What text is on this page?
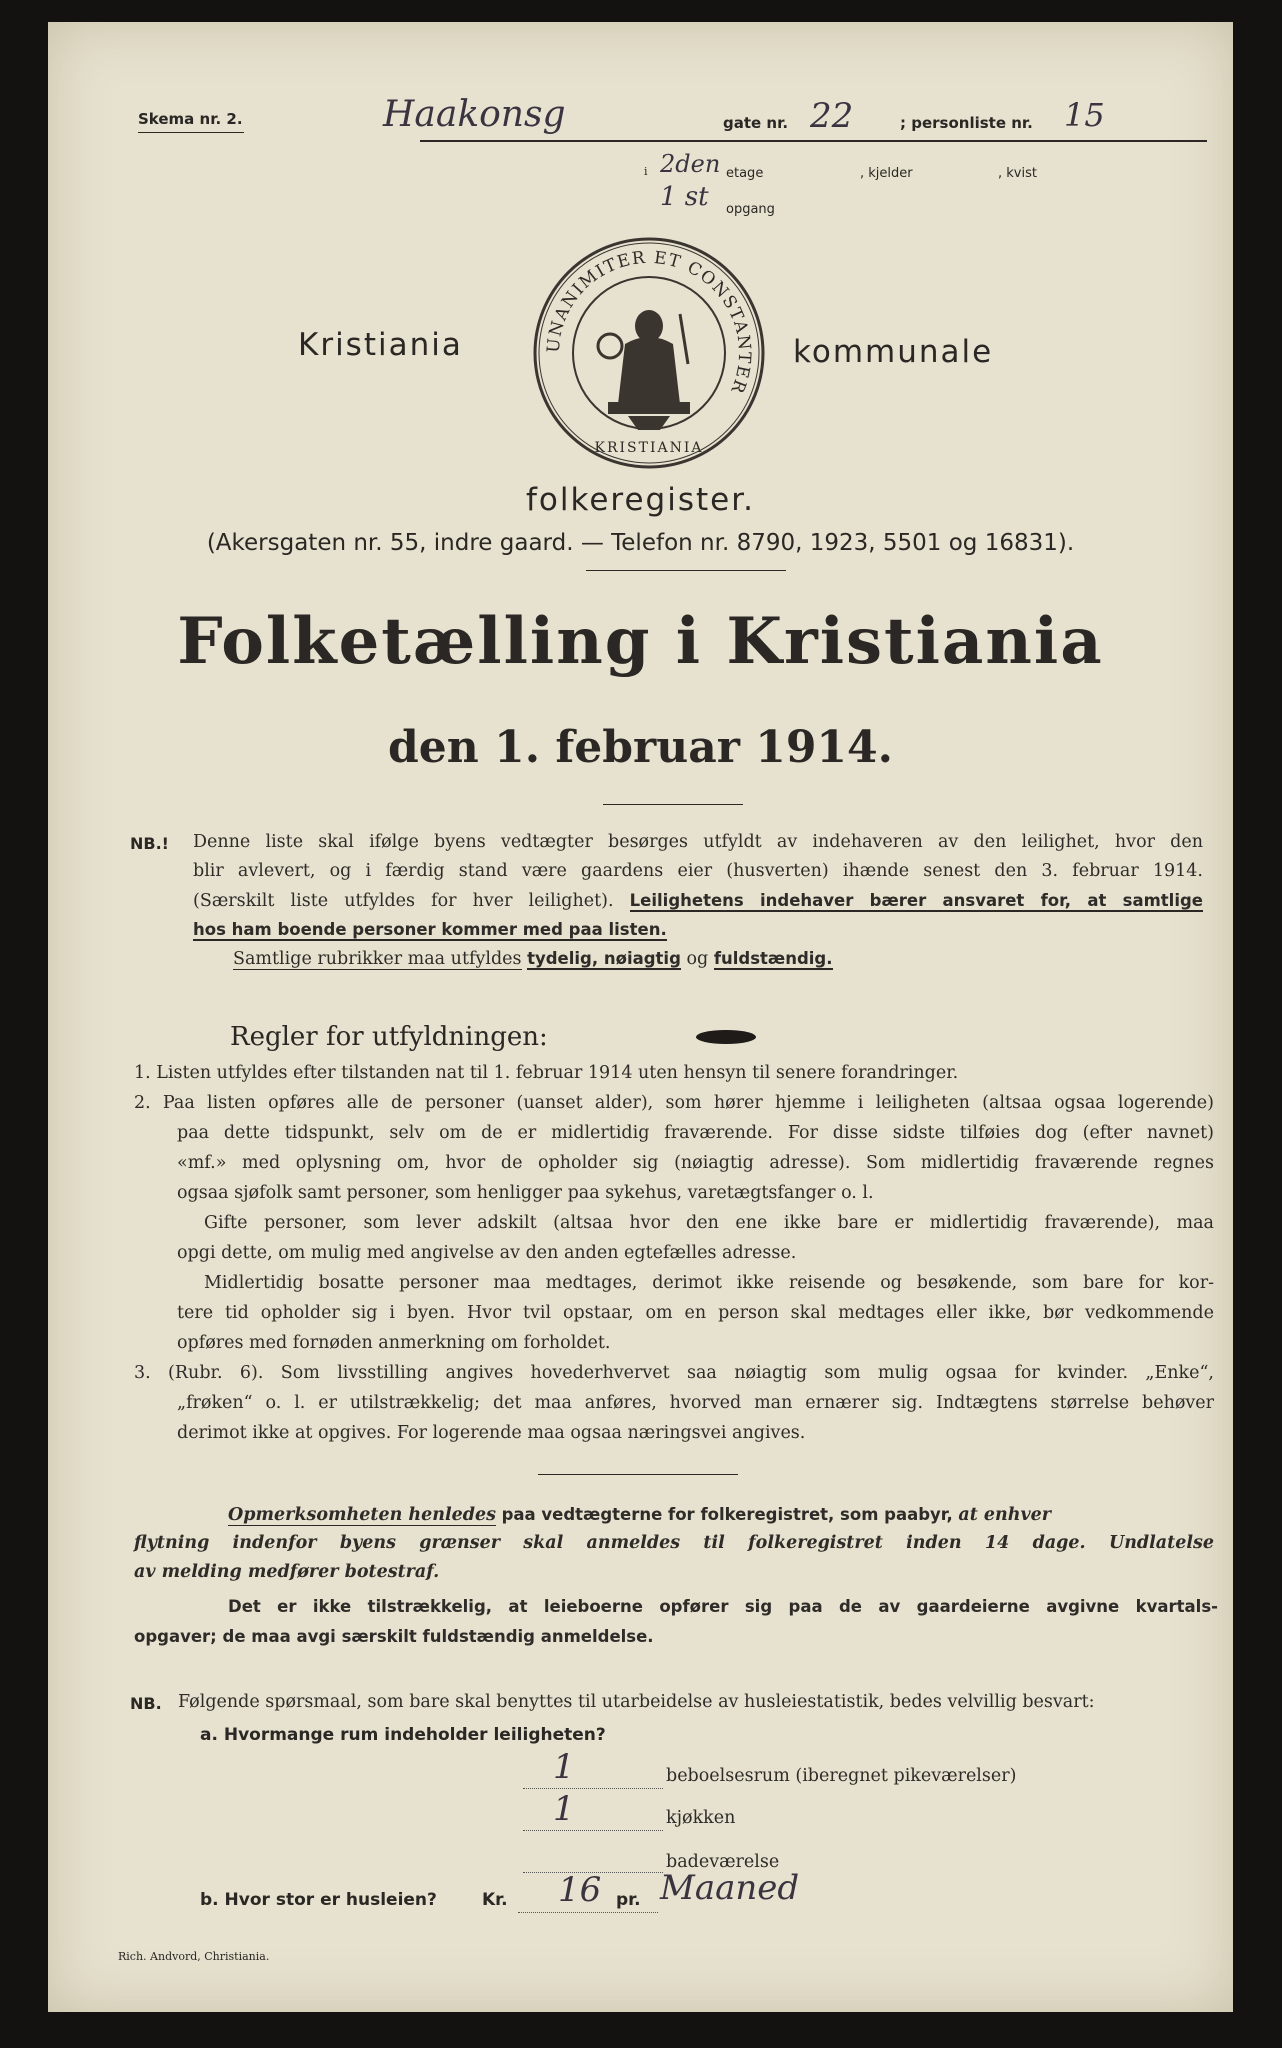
Skema nr. 2.	Haakonsg	gate nr. 22	; personliste nr. 15
i 2den etage	, kjelder	, kvist
1 st opgang
UNANIMITER ET CONSTANTER
KRISTIANIA
Kristiania	kommunale
folkeregister.
(Akersgaten nr. 55, indre gaard. — Telefon nr. 8790, 1923, 5501 og 16831).
Folketælling i Kristiania
den 1. februar 1914.
NB.! Denne liste skal ifølge byens vedtægter besørges utfyldt av indehaveren av den leilighet, hvor den
blir avlevert, og i færdig stand være gaardens eier (husverten) ihænde senest den 3. februar 1914.
(Særskilt liste utfyldes for hver leilighet). Leilighetens indehaver bærer ansvaret for, at samtlige
hos ham boende personer kommer med paa listen.
Samtlige rubrikker maa utfyldes tydelig, nøiagtig og fuldstændig.
Regler for utfyldningen:

1. Listen utfyldes efter tilstanden nat til 1. februar 1914 uten hensyn til senere forandringer.

2. Paa listen opføres alle de personer (uanset alder), som hører hjemme i leiligheten (altsaa ogsaa logerende)

paa dette tidspunkt, selv om de er midlertidig fraværende. For disse sidste tilføies dog (efter navnet)

«mf.» med oplysning om, hvor de opholder sig (nøiagtig adresse). Som midlertidig fraværende regnes

ogsaa sjøfolk samt personer, som henligger paa sykehus, varetægtsfanger o. l.

Gifte personer, som lever adskilt (altsaa hvor den ene ikke bare er midlertidig fraværende), maa

opgi dette, om mulig med angivelse av den anden egtefælles adresse.

Midlertidig bosatte personer maa medtages, derimot ikke reisende og besøkende, som bare for kor-

tere tid opholder sig i byen. Hvor tvil opstaar, om en person skal medtages eller ikke, bør vedkommende

opføres med fornøden anmerkning om forholdet.

3. (Rubr. 6). Som livsstilling angives hovederhvervet saa nøiagtig som mulig ogsaa for kvinder. „Enke“,

„frøken“ o. l. er utilstrækkelig; det maa anføres, hvorved man ernærer sig. Indtægtens størrelse behøver

derimot ikke at opgives. For logerende maa ogsaa næringsvei angives.

Opmerksomheten henledes paa vedtægterne for folkeregistret, som paabyr, at enhver
flytning indenfor byens grænser skal anmeldes til folkeregistret inden 14 dage. Undlatelse
av melding medfører botestraf.
Det er ikke tilstrækkelig, at leieboerne opfører sig paa de av gaardeierne avgivne kvartals-
opgaver; de maa avgi særskilt fuldstændig anmeldelse.
NB. Følgende spørsmaal, som bare skal benyttes til utarbeidelse av husleiestatistik, bedes velvillig besvart:
a. Hvormange rum indeholder leiligheten?
1	beboelsesrum (iberegnet pikeværelser)
1	kjøkken
badeværelse
b. Hvor stor er husleien?	Kr. 16 pr. Maaned
Rich. Andvord, Christiania.
